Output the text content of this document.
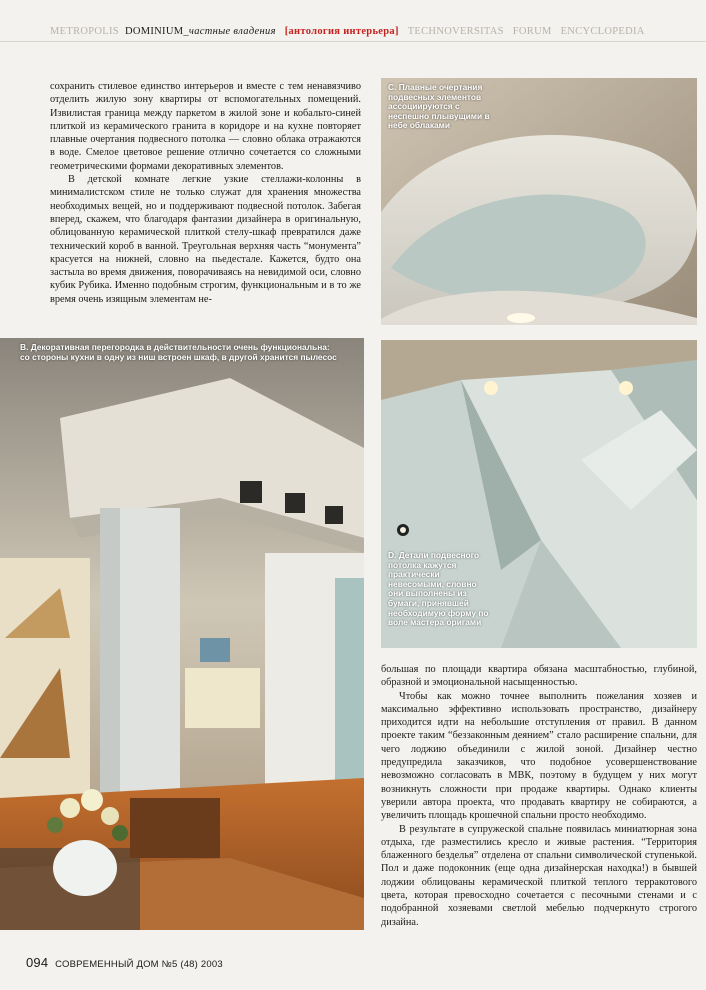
METROPOLIS DOMINIUM_частные владения [антология интерьера] TECHNOVERSITAS FORUM ENCYCLOPEDIA

сохранить стилевое единство интерьеров и вместе с тем ненавязчиво отделить жилую зону квартиры от вспомогательных помещений. Извилистая граница между паркетом в жилой зоне и кобальто-синей плиткой из керамического гранита в коридоре и на кухне повторяет плавные очертания подвесного потолка — словно облака отражаются в воде. Смелое цветовое решение отлично сочетается со сложными геометрическими формами декоративных элементов.

В детской комнате легкие узкие стеллажи-колонны в минималистском стиле не только служат для хранения множества необходимых вещей, но и поддерживают подвесной потолок. Забегая вперед, скажем, что благодаря фантазии дизайнера в оригинальную, облицованную керамической плиткой стелу-шкаф превратился даже технический короб в ванной. Треугольная верхняя часть “монумента” красуется на нижней, словно на пьедестале. Кажется, будто она застыла во время движения, поворачиваясь на невидимой оси, словно кубик Рубика. Именно подобным строгим, функциональным и в то же время очень изящным элементам не-

С. Плавные очертания подвесных элементов ассоциируются с неспешно плывущими в небе облаками
B. Декоративная перегородка в действительности очень функциональна: со стороны кухни в одну из ниш встроен шкаф, в другой хранится пылесос
D. Детали подвесного потолка кажутся практически невесомыми, словно они выполнены из бумаги, принявшей необходимую форму по воле мастера оригами

большая по площади квартира обязана масштабностью, глубиной, образной и эмоциональной насыщенностью.

Чтобы как можно точнее выполнить пожелания хозяев и максимально эффективно использовать пространство, дизайнеру приходится идти на небольшие отступления от правил. В данном проекте таким “беззаконным деянием” стало расширение спальни, для чего лоджию объединили с жилой зоной. Дизайнер честно предупредила заказчиков, что подобное усовершенствование невозможно согласовать в МВК, поэтому в будущем у них могут возникнуть сложности при продаже квартиры. Однако клиенты уверили автора проекта, что продавать квартиру не собираются, а увеличить площадь крошечной спальни просто необходимо.

В результате в супружеской спальне появилась миниатюрная зона отдыха, где разместились кресло и живые растения. “Территория блаженного безделья” отделена от спальни символической ступенькой. Пол и даже подоконник (еще одна дизайнерская находка!) в бывшей лоджии облицованы керамической плиткой теплого терракотового цвета, которая превосходно сочетается с песочными стенами и с подобранной хозяевами светлой мебелью подчеркнуто строгого дизайна.

094 СОВРЕМЕННЫЙ ДОМ №5 (48) 2003
